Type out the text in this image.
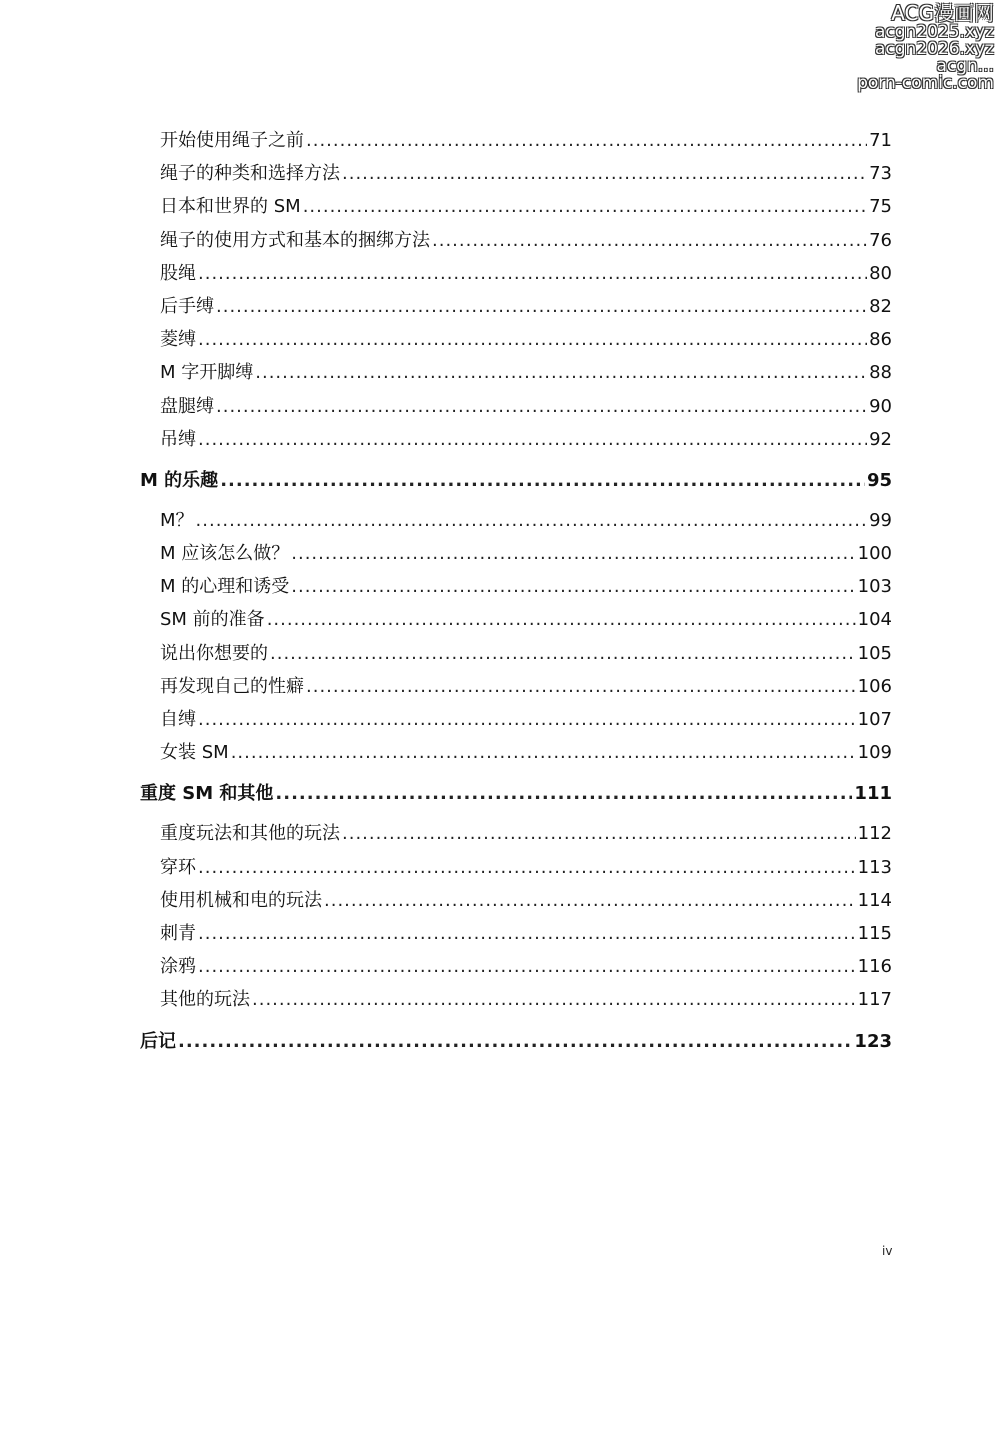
ACG漫画网
acgn2025.xyz
acgn2026.xyz
acgn...
porn-comic.com
开始使用绳子之前 .....	71
绳子的种类和选择方法 .....	73
日本和世界的 SM .....	75
绳子的使用方式和基本的捆绑方法 .....	76
股绳 .....	80
后手缚 .....	82
菱缚 .....	86
M 字开脚缚 .....	88
盘腿缚 .....	90
吊缚 .....	92
M 的乐趣 .....	95
M？ .....	99
M 应该怎么做？ .....	100
M 的心理和诱受 .....	103
SM 前的准备 .....	104
说出你想要的 .....	105
再发现自己的性癖 .....	106
自缚 .....	107
女装 SM .....	109
重度 SM 和其他 .....	111
重度玩法和其他的玩法 .....	112
穿环 .....	113
使用机械和电的玩法 .....	114
刺青 .....	115
涂鸦 .....	116
其他的玩法 .....	117
后记 .....	123
iv
